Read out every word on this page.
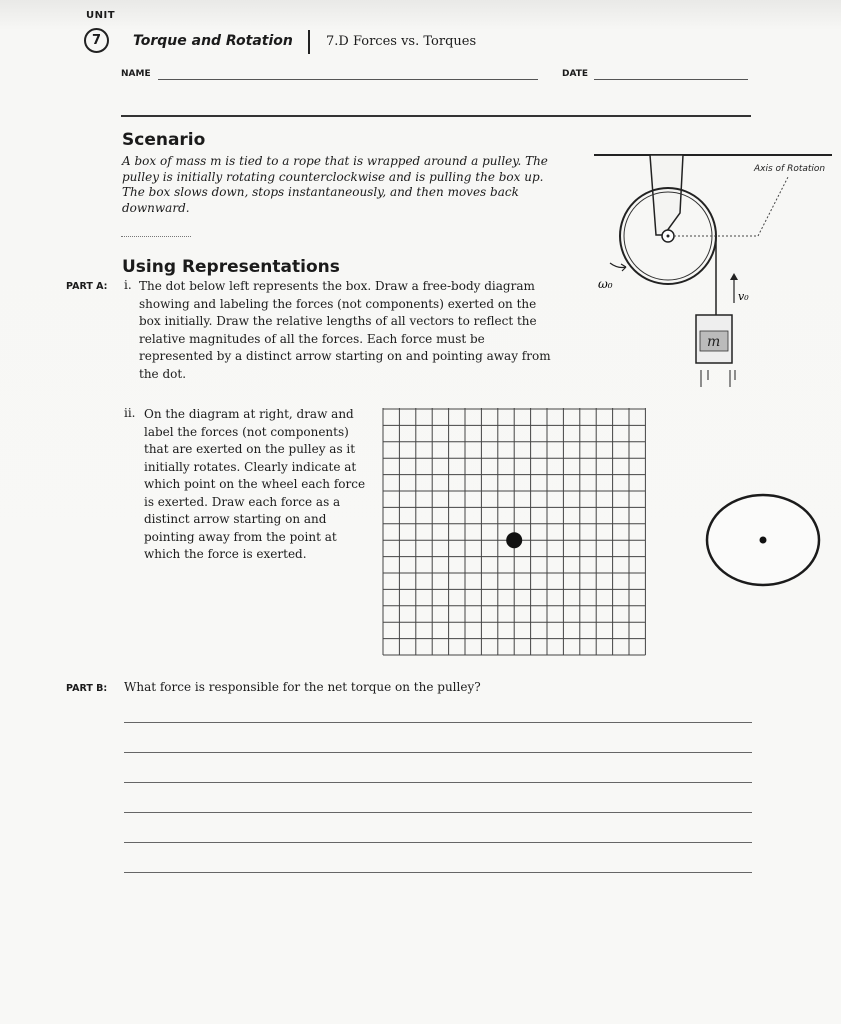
UNIT
7	Torque and Rotation	7.D Forces vs. Torques
NAME	DATE
Scenario
A box of mass m is tied to a rope that is wrapped around a pulley. The pulley is initially rotating counterclockwise and is pulling the box up. The box slows down, stops instantaneously, and then moves back downward.
Axis of Rotation
ω₀
v₀
m
Using Representations
PART A: i. The dot below left represents the box. Draw a free-body diagram showing and labeling the forces (not components) exerted on the box initially. Draw the relative lengths of all vectors to reflect the relative magnitudes of all the forces. Each force must be represented by a distinct arrow starting on and pointing away from the dot.
ii. On the diagram at right, draw and label the forces (not components) that are exerted on the pulley as it initially rotates. Clearly indicate at which point on the wheel each force is exerted. Draw each force as a distinct arrow starting on and pointing away from the point at which the force is exerted.
PART B: What force is responsible for the net torque on the pulley?
